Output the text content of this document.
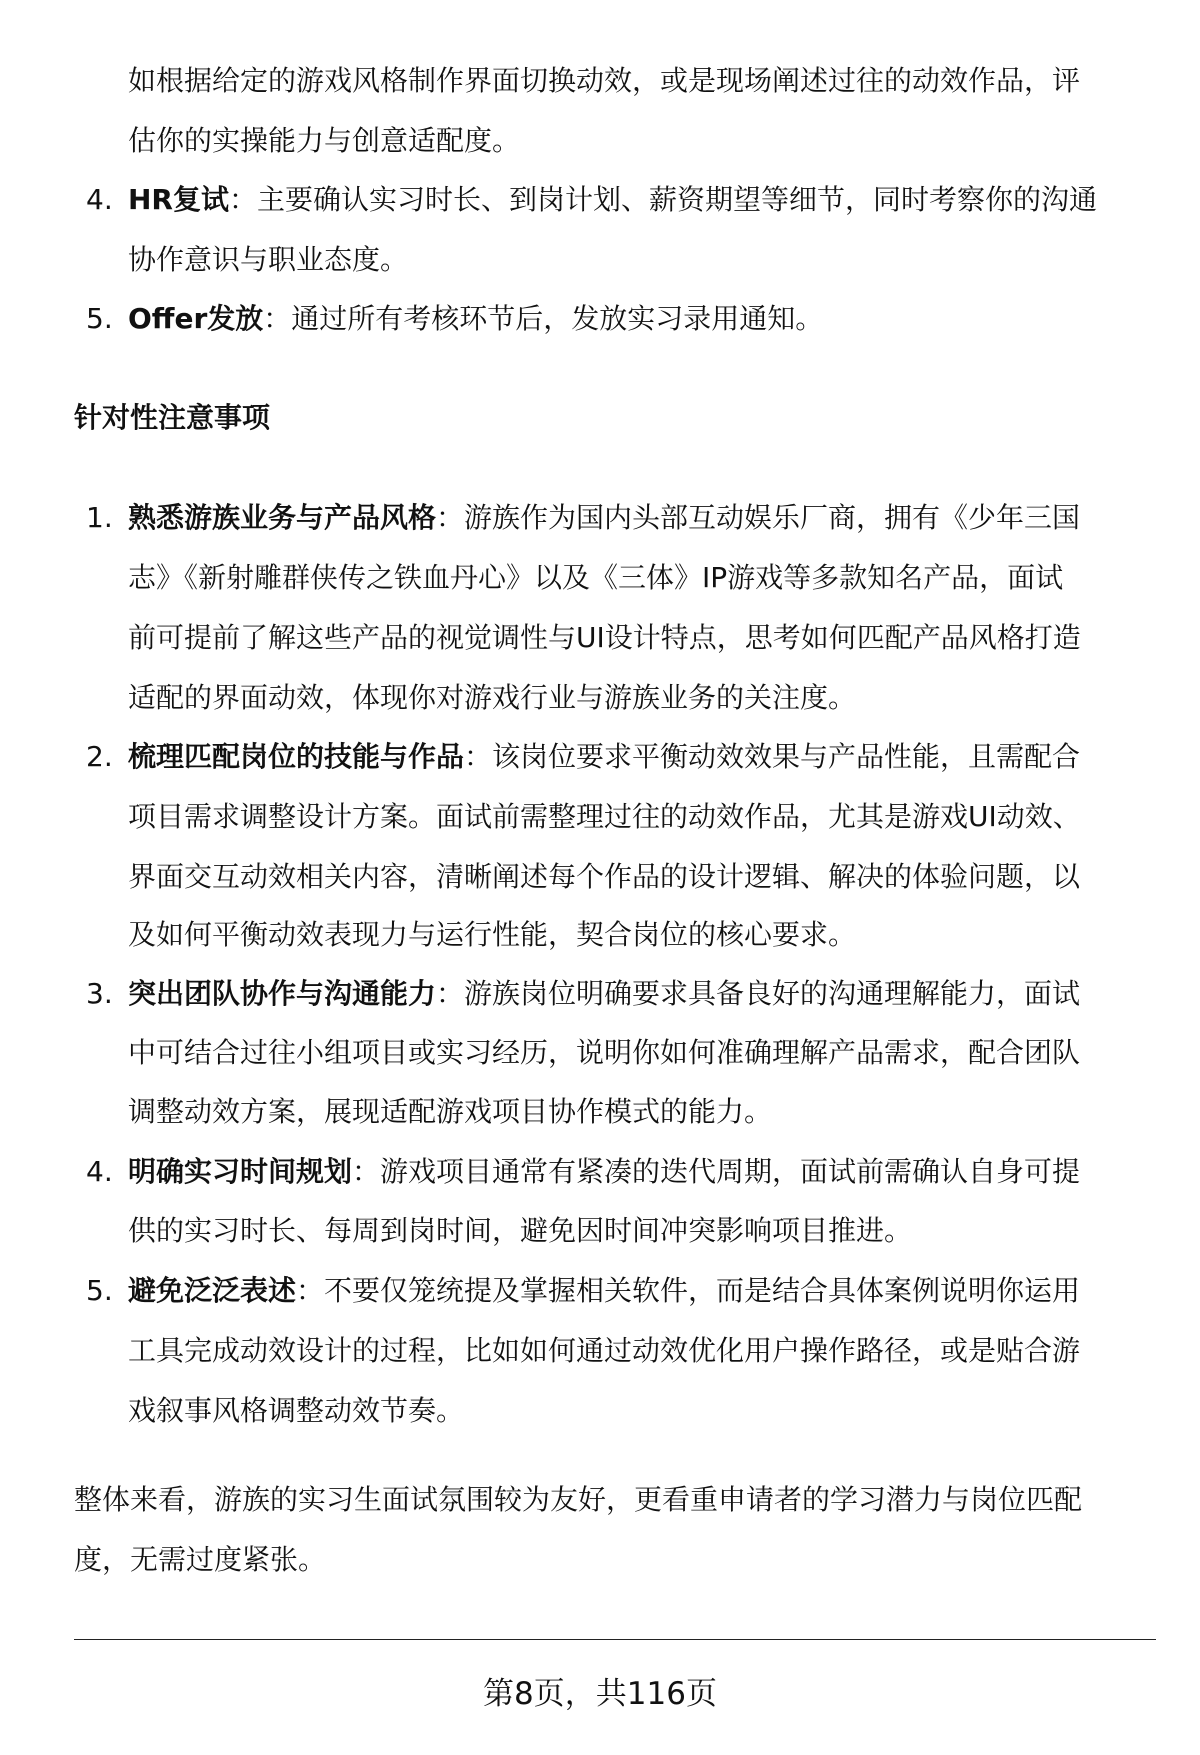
如根据给定的游戏风格制作界面切换动效，或是现场阐述过往的动效作品，评
估你的实操能力与创意适配度。
4. HR复试：主要确认实习时长、到岗计划、薪资期望等细节，同时考察你的沟通
协作意识与职业态度。
5. Offer发放：通过所有考核环节后，发放实习录用通知。
针对性注意事项
1. 熟悉游族业务与产品风格：游族作为国内头部互动娱乐厂商，拥有《少年三国
志》《新射雕群侠传之铁血丹心》以及《三体》IP游戏等多款知名产品，面试
前可提前了解这些产品的视觉调性与UI设计特点，思考如何匹配产品风格打造
适配的界面动效，体现你对游戏行业与游族业务的关注度。
2. 梳理匹配岗位的技能与作品：该岗位要求平衡动效效果与产品性能，且需配合
项目需求调整设计方案。面试前需整理过往的动效作品，尤其是游戏UI动效、
界面交互动效相关内容，清晰阐述每个作品的设计逻辑、解决的体验问题，以
及如何平衡动效表现力与运行性能，契合岗位的核心要求。
3. 突出团队协作与沟通能力：游族岗位明确要求具备良好的沟通理解能力，面试
中可结合过往小组项目或实习经历，说明你如何准确理解产品需求，配合团队
调整动效方案，展现适配游戏项目协作模式的能力。
4. 明确实习时间规划：游戏项目通常有紧凑的迭代周期，面试前需确认自身可提
供的实习时长、每周到岗时间，避免因时间冲突影响项目推进。
5. 避免泛泛表述：不要仅笼统提及掌握相关软件，而是结合具体案例说明你运用
工具完成动效设计的过程，比如如何通过动效优化用户操作路径，或是贴合游
戏叙事风格调整动效节奏。
整体来看，游族的实习生面试氛围较为友好，更看重申请者的学习潜力与岗位匹配
度，无需过度紧张。
第8页，共116页
